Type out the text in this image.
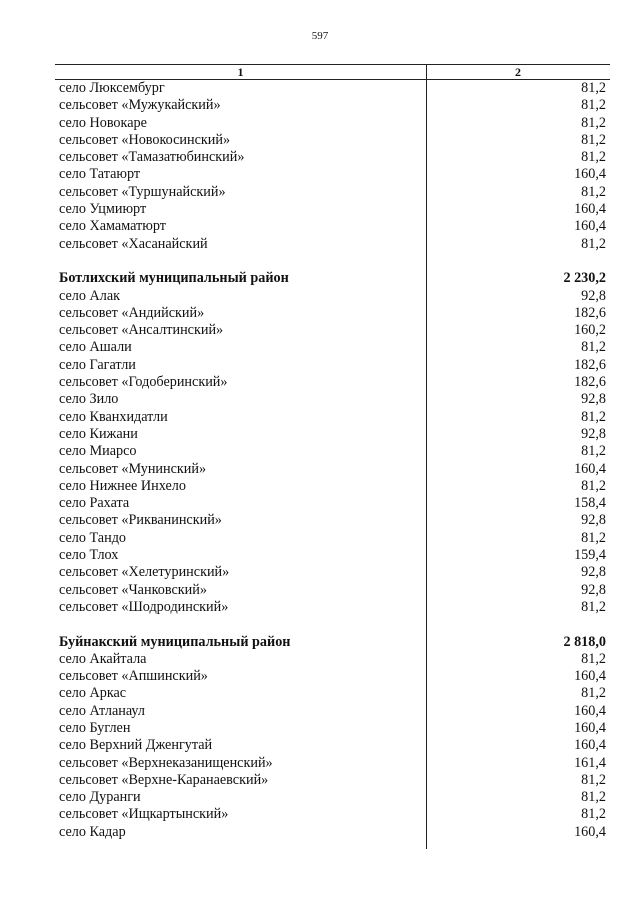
597
1	2
село Люксембург	81,2
сельсовет «Мужукайский»	81,2
село Новокаре	81,2
сельсовет «Новокосинский»	81,2
сельсовет «Тамазатюбинский»	81,2
село Татаюрт	160,4
сельсовет «Туршунайский»	81,2
село Уцмиюрт	160,4
село Хамаматюрт	160,4
сельсовет «Хасанайский	81,2
Ботлихский муниципальный район	2 230,2
село Алак	92,8
сельсовет «Андийский»	182,6
сельсовет «Ансалтинский»	160,2
село Ашали	81,2
село Гагатли	182,6
сельсовет «Годоберинский»	182,6
село Зило	92,8
село Кванхидатли	81,2
село Кижани	92,8
село Миарсо	81,2
сельсовет «Мунинский»	160,4
село Нижнее Инхело	81,2
село Рахата	158,4
сельсовет «Рикванинский»	92,8
село Тандо	81,2
село Тлох	159,4
сельсовет «Хелетуринский»	92,8
сельсовет «Чанковский»	92,8
сельсовет «Шодродинский»	81,2
Буйнакский муниципальный район	2 818,0
село Акайтала	81,2
сельсовет «Апшинский»	160,4
село Аркас	81,2
село Атланаул	160,4
село Буглен	160,4
село Верхний Дженгутай	160,4
сельсовет «Верхнеказанищенский»	161,4
сельсовет «Верхне-Каранаевский»	81,2
село Дуранги	81,2
сельсовет «Ищкартынский»	81,2
село Кадар	160,4
